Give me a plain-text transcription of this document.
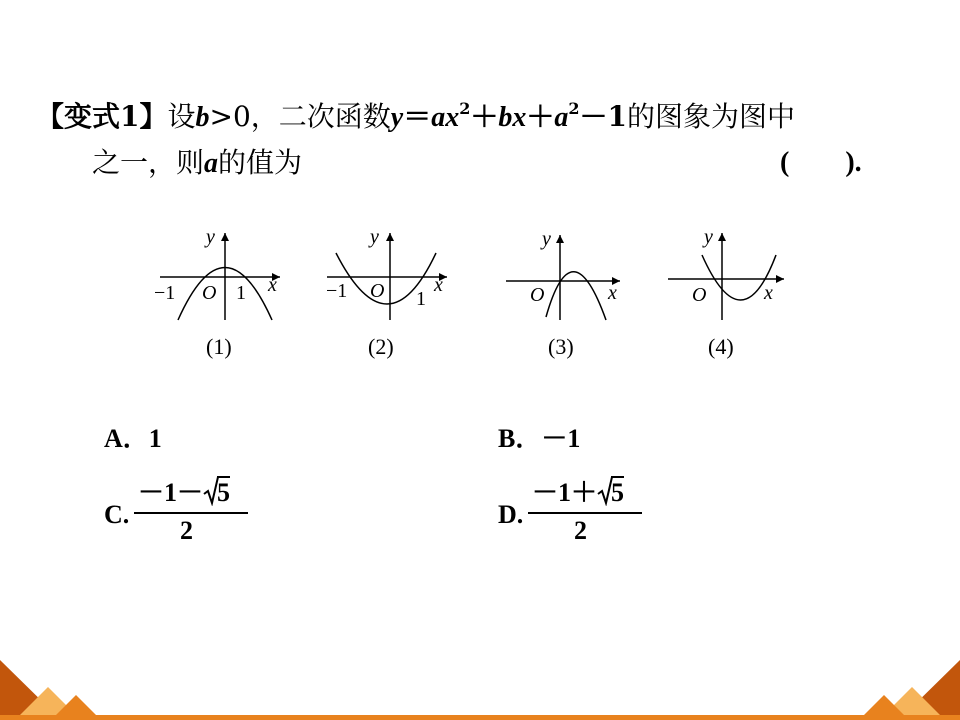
【变式1】设b>0，二次函数$y=ax^2+bx+a^2-1$的图象为图中
之一，则a的值为	(　　).
y
x
O
−1	1
(1)
y
x
O
−1	1
(2)
y
x
O
(3)
y
x
O
(4)
A．1	B．－1
C.
－1－ 5
2
D.
－1＋ 5
2
